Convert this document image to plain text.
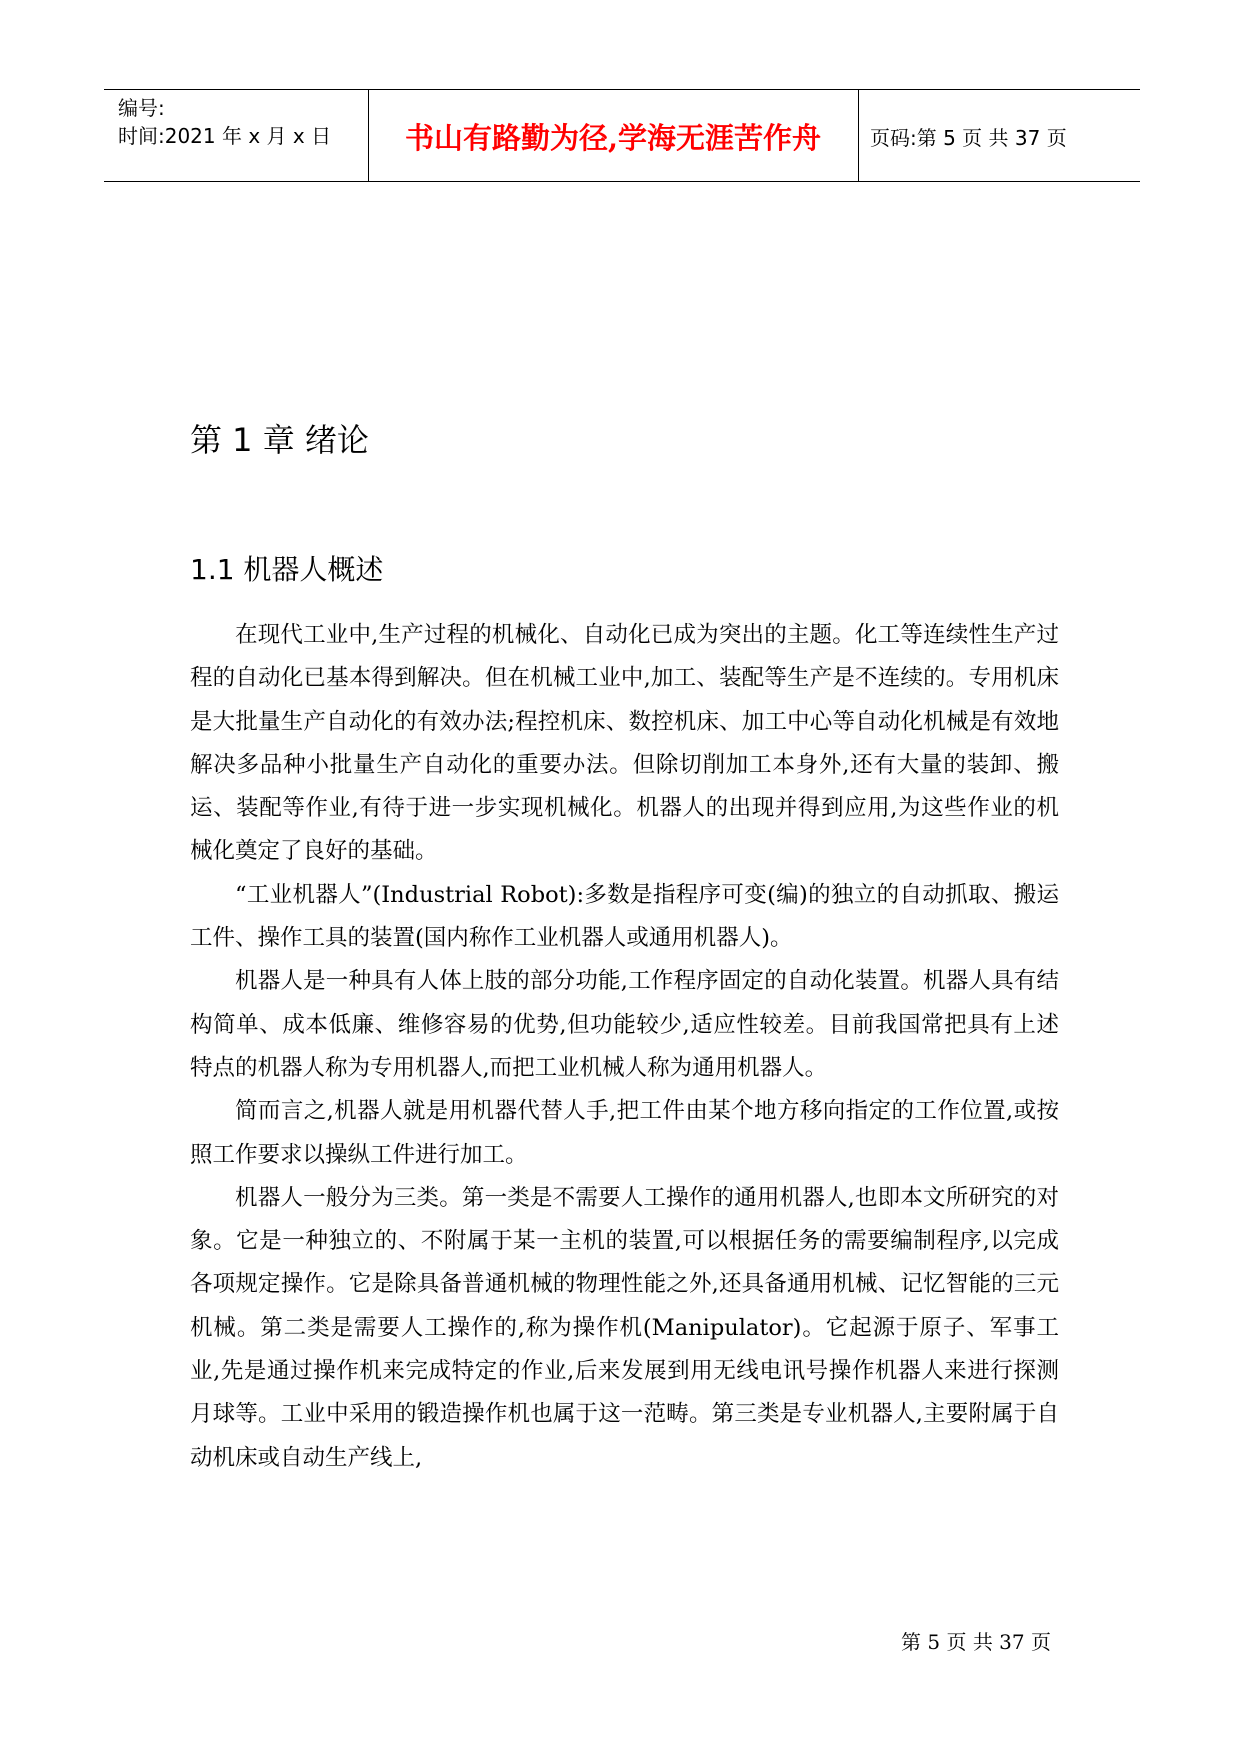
编号:
时间:2021 年 x 月 x 日	书山有路勤为径,学海无涯苦作舟	页码:第 5 页 共 37 页
第 1 章 绪论
1.1 机器人概述

在现代工业中,生产过程的机械化、自动化已成为突出的主题。化工等连续性生产过程的自动化已基本得到解决。但在机械工业中,加工、装配等生产是不连续的。专用机床是大批量生产自动化的有效办法;程控机床、数控机床、加工中心等自动化机械是有效地解决多品种小批量生产自动化的重要办法。但除切削加工本身外,还有大量的装卸、搬运、装配等作业,有待于进一步实现机械化。机器人的出现并得到应用,为这些作业的机械化奠定了良好的基础。

“工业机器人”(Industrial Robot):多数是指程序可变(编)的独立的自动抓取、搬运工件、操作工具的装置(国内称作工业机器人或通用机器人)。

机器人是一种具有人体上肢的部分功能,工作程序固定的自动化装置。机器人具有结构简单、成本低廉、维修容易的优势,但功能较少,适应性较差。目前我国常把具有上述特点的机器人称为专用机器人,而把工业机械人称为通用机器人。

简而言之,机器人就是用机器代替人手,把工件由某个地方移向指定的工作位置,或按照工作要求以操纵工件进行加工。

机器人一般分为三类。第一类是不需要人工操作的通用机器人,也即本文所研究的对象。它是一种独立的、不附属于某一主机的装置,可以根据任务的需要编制程序,以完成各项规定操作。它是除具备普通机械的物理性能之外,还具备通用机械、记忆智能的三元机械。第二类是需要人工操作的,称为操作机(Manipulator)。它起源于原子、军事工业,先是通过操作机来完成特定的作业,后来发展到用无线电讯号操作机器人来进行探测月球等。工业中采用的锻造操作机也属于这一范畴。第三类是专业机器人,主要附属于自动机床或自动生产线上,

第 5 页 共 37 页
